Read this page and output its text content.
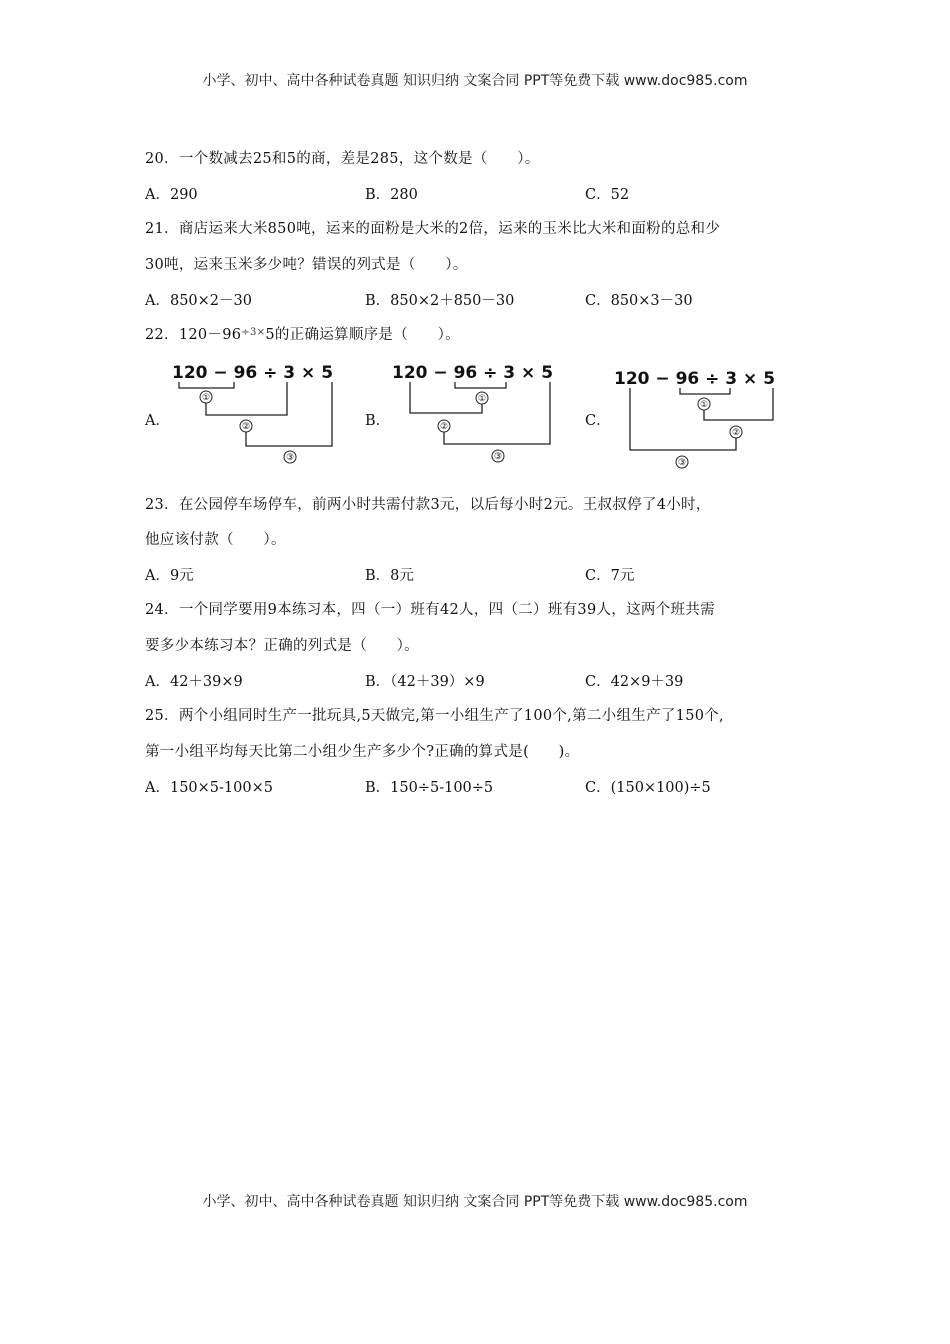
小学、初中、高中各种试卷真题 知识归纳 文案合同 PPT等免费下载 www.doc985.com
20．一个数减去25和5的商，差是285，这个数是（　　）。
A．290	B．280	C．52
21．商店运来大米850吨，运来的面粉是大米的2倍，运来的玉米比大米和面粉的总和少
30吨，运来玉米多少吨？错误的列式是（　　）。
A．850×2－30	B．850×2＋850－30	C．850×3－30
22．$120-96^{\div 3\times}5$的正确运算顺序是（　　）。
A．	B．	C．
120 − 96 ÷ 3 × 5
①
②
③
120 − 96 ÷ 3 × 5
①
②
③
120 − 96 ÷ 3 × 5
①
②
③
23．在公园停车场停车，前两小时共需付款3元，以后每小时2元。王叔叔停了4小时，
他应该付款（　　）。
A．9元	B．8元	C．7元
24．一个同学要用9本练习本，四（一）班有42人，四（二）班有39人，这两个班共需
要多少本练习本？正确的列式是（　　）。
A．42＋39×9	B．（42＋39）×9	C．42×9＋39
25．两个小组同时生产一批玩具,5天做完,第一小组生产了100个,第二小组生产了150个,
第一小组平均每天比第二小组少生产多少个?正确的算式是(　　)。
A．150×5-100×5	B．150÷5-100÷5	C．(150×100)÷5
小学、初中、高中各种试卷真题 知识归纳 文案合同 PPT等免费下载 www.doc985.com
